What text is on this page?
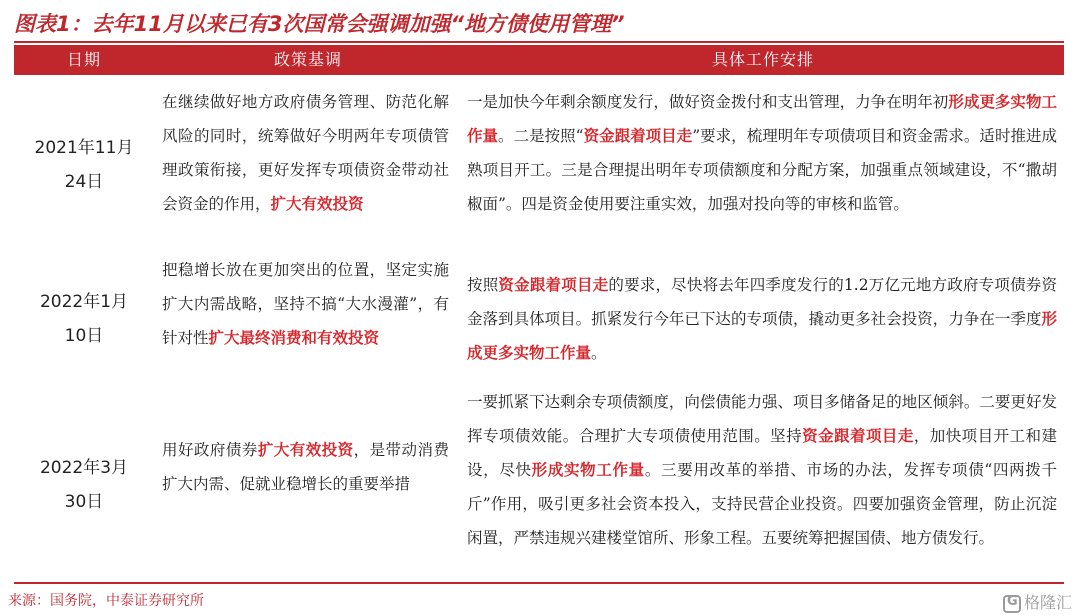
图表1：去年11月以来已有3次国常会强调加强“地方债使用管理”
日期	政策基调	具体工作安排
2021年11月
24日
在继续做好地方政府债务管理、防范化解风险的同时，统筹做好今明两年专项债管理政策衔接，更好发挥专项债资金带动社会资金的作用，扩大有效投资
一是加快今年剩余额度发行，做好资金拨付和支出管理，力争在明年初形成更多实物工作量。二是按照“资金跟着项目走”要求，梳理明年专项债项目和资金需求。适时推进成熟项目开工。三是合理提出明年专项债额度和分配方案，加强重点领域建设，不“撒胡椒面”。四是资金使用要注重实效，加强对投向等的审核和监管。
2022年1月
10日
把稳增长放在更加突出的位置，坚定实施扩大内需战略，坚持不搞“大水漫灌”，有针对性扩大最终消费和有效投资
按照资金跟着项目走的要求，尽快将去年四季度发行的1.2万亿元地方政府专项债券资金落到具体项目。抓紧发行今年已下达的专项债，撬动更多社会投资，力争在一季度形成更多实物工作量。
2022年3月
30日
用好政府债券扩大有效投资，是带动消费扩大内需、促就业稳增长的重要举措
一要抓紧下达剩余专项债额度，向偿债能力强、项目多储备足的地区倾斜。二要更好发挥专项债效能。合理扩大专项债使用范围。坚持资金跟着项目走，加快项目开工和建设，尽快形成实物工作量。三要用改革的举措、市场的办法，发挥专项债“四两拨千斤”作用，吸引更多社会资本投入，支持民营企业投资。四要加强资金管理，防止沉淀闲置，严禁违规兴建楼堂馆所、形象工程。五要统筹把握国债、地方债发行。
来源：国务院，中泰证券研究所
G	格隆汇
